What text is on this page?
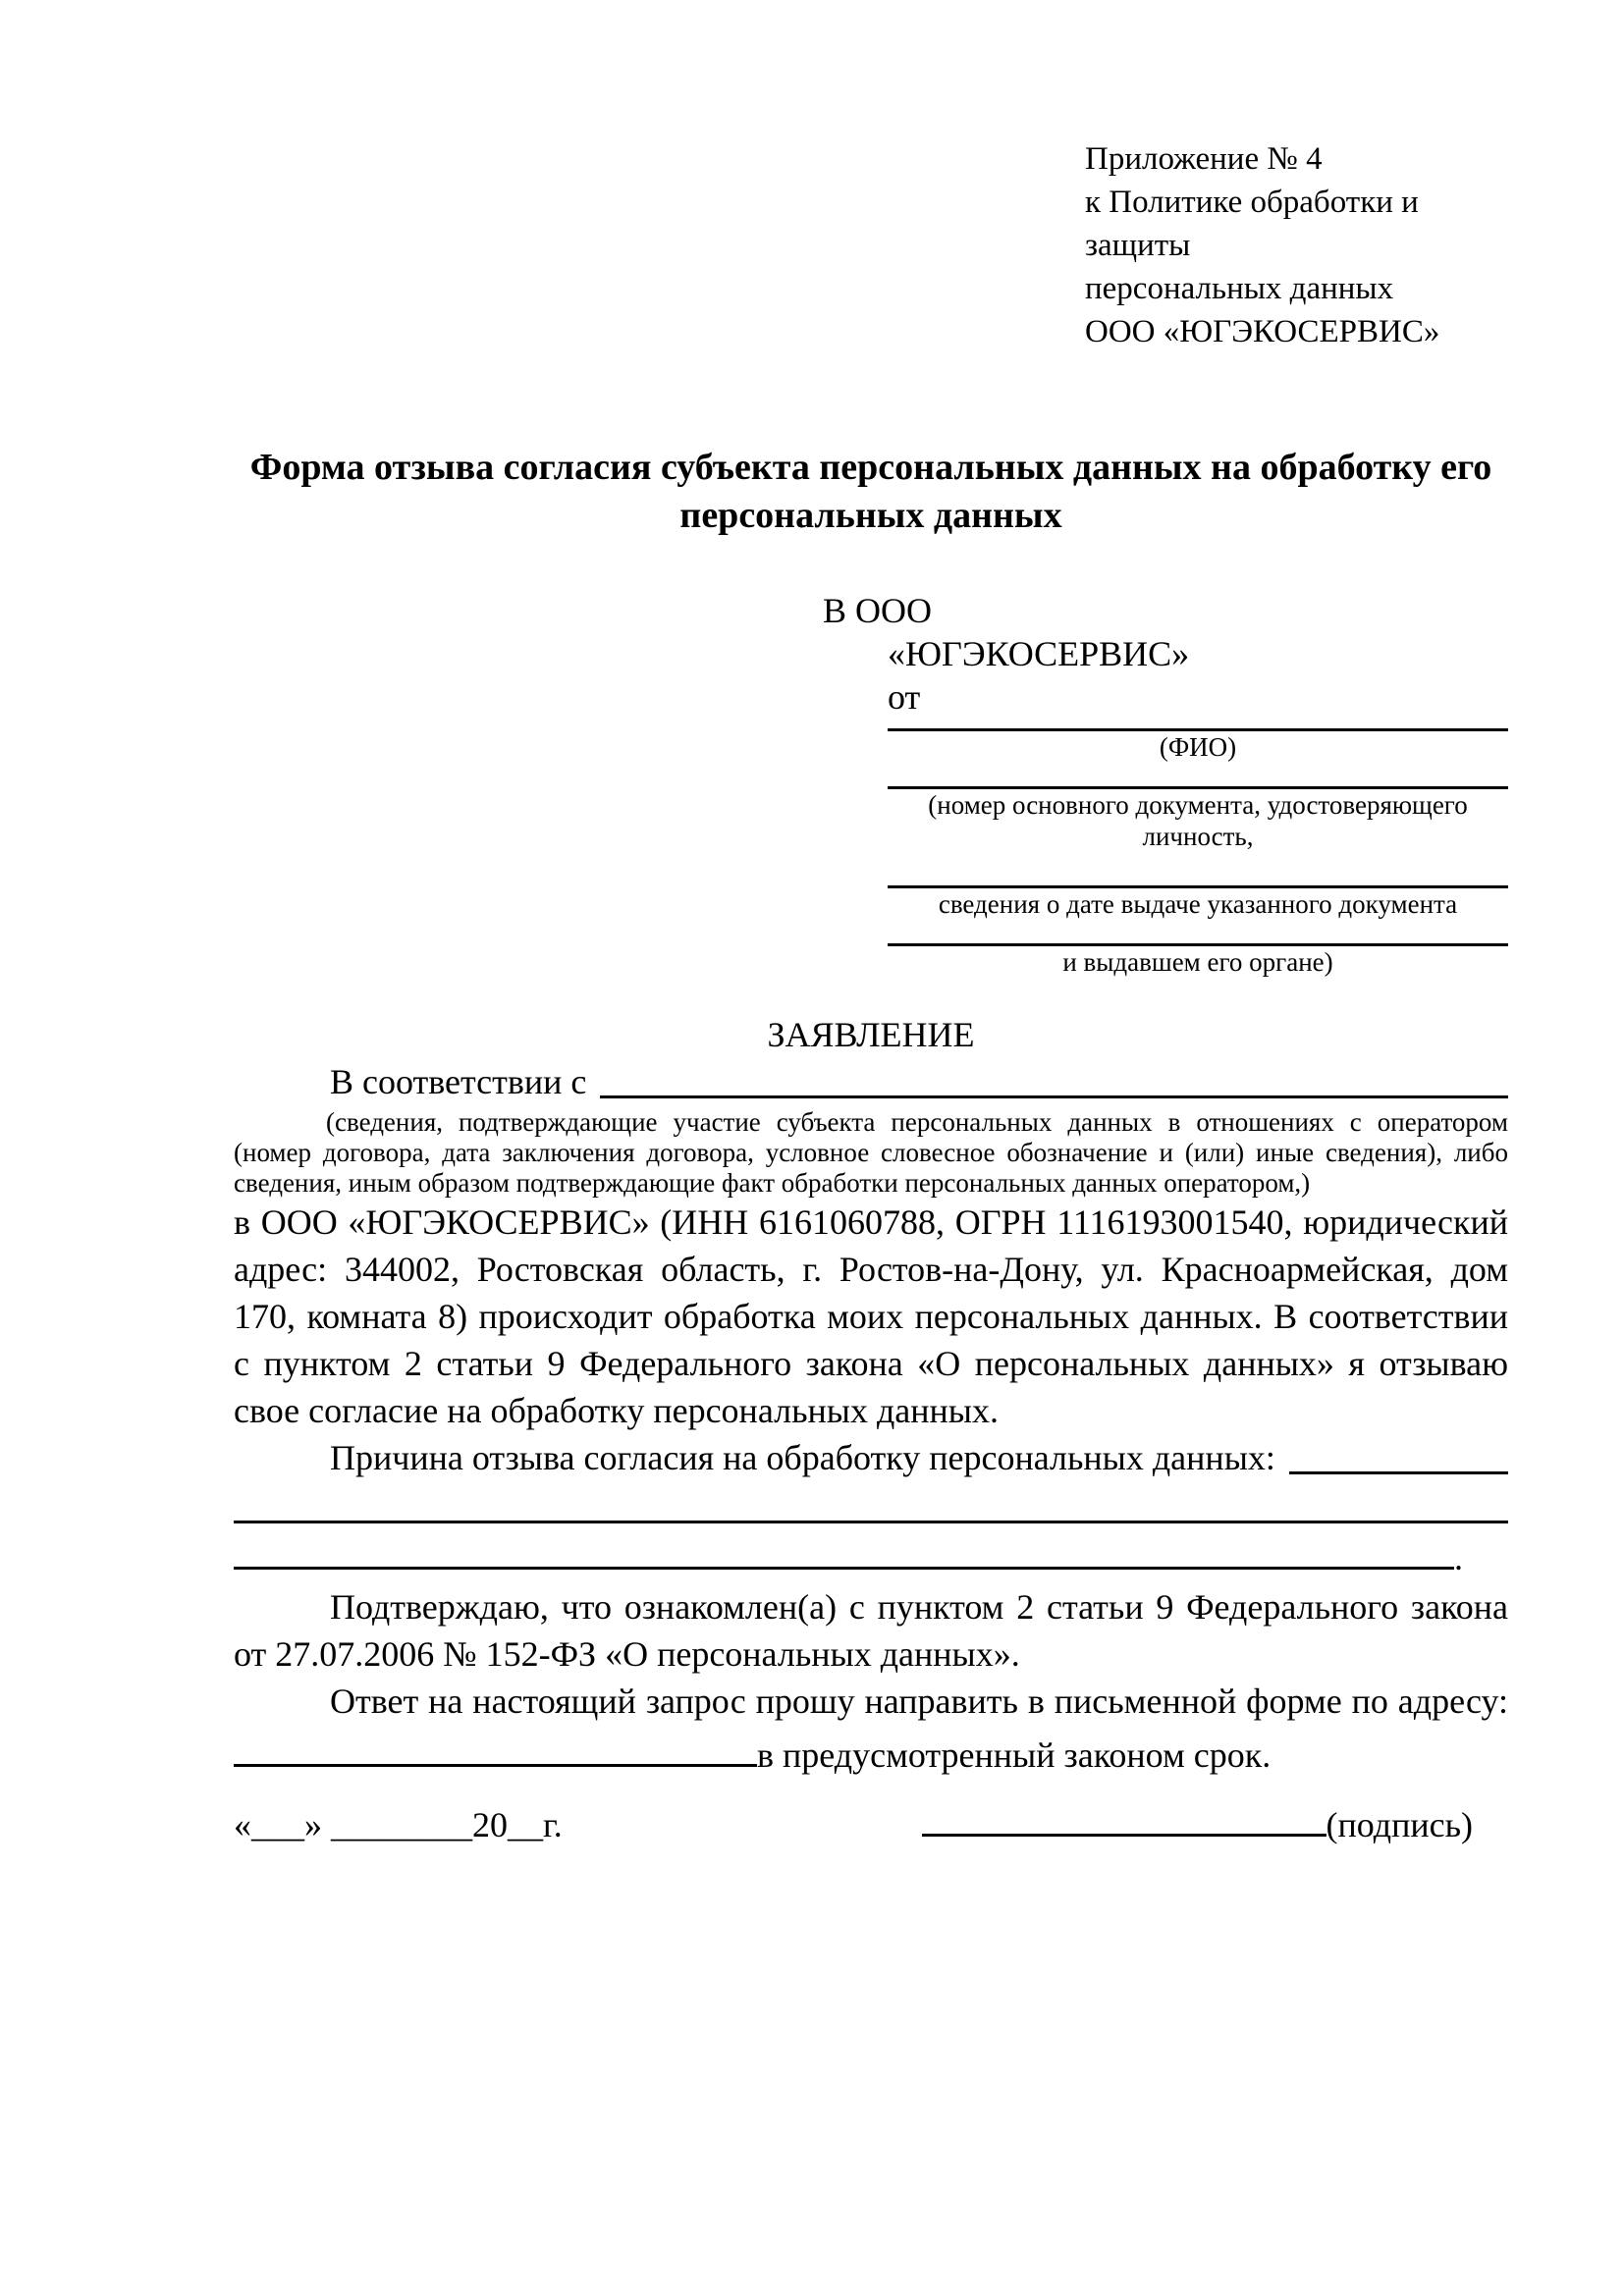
Приложение № 4
к Политике обработки и защиты
персональных данных
ООО «ЮГЭКОСЕРВИС»
Форма отзыва согласия субъекта персональных данных на обработку его персональных данных
В ООО
«ЮГЭКОСЕРВИС»
от
(ФИО)
(номер основного документа, удостоверяющего личность,
сведения о дате выдаче указанного документа
и выдавшем его органе)
ЗАЯВЛЕНИЕ
В соответствии с
(сведения, подтверждающие участие субъекта персональных данных в отношениях с оператором (номер договора, дата заключения договора, условное словесное обозначение и (или) иные сведения), либо сведения, иным образом подтверждающие факт обработки персональных данных оператором,)
в ООО «ЮГЭКОСЕРВИС» (ИНН 6161060788, ОГРН 1116193001540, юридический адрес: 344002, Ростовская область, г. Ростов-на-Дону, ул. Красноармейская, дом 170, комната 8) происходит обработка моих персональных данных. В соответствии с пунктом 2 статьи 9 Федерального закона «О персональных данных» я отзываю свое согласие на обработку персональных данных.
Причина отзыва согласия на обработку персональных данных:
.
Подтверждаю, что ознакомлен(а) с пунктом 2 статьи 9 Федерального закона
от 27.07.2006 № 152-ФЗ «О персональных данных».
Ответ на настоящий запрос прошу направить в письменной форме по адресу:
в предусмотренный законом срок.
«___» ________20__г.	(подпись)
